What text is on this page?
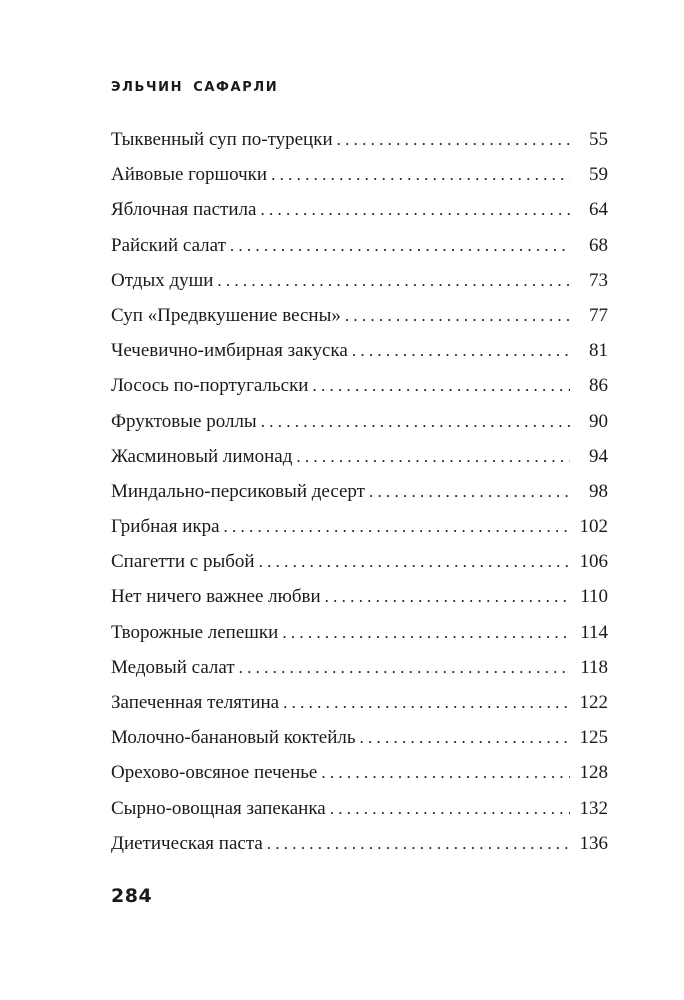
ЭЛЬЧИН САФАРЛИ
Тыквенный суп по-турецки . . .	55
Айвовые горшочки . . .	59
Яблочная пастила . . .	64
Райский салат . . .	68
Отдых души . . .	73
Суп «Предвкушение весны» . . .	77
Чечевично-имбирная закуска . . .	81
Лосось по-португальски . . .	86
Фруктовые роллы . . .	90
Жасминовый лимонад . . .	94
Миндально-персиковый десерт . . .	98
Грибная икра . . .	102
Спагетти с рыбой . . .	106
Нет ничего важнее любви . . .	110
Творожные лепешки . . .	114
Медовый салат . . .	118
Запеченная телятина . . .	122
Молочно-банановый коктейль . . .	125
Орехово-овсяное печенье . . .	128
Сырно-овощная запеканка . . .	132
Диетическая паста . . .	136
284
